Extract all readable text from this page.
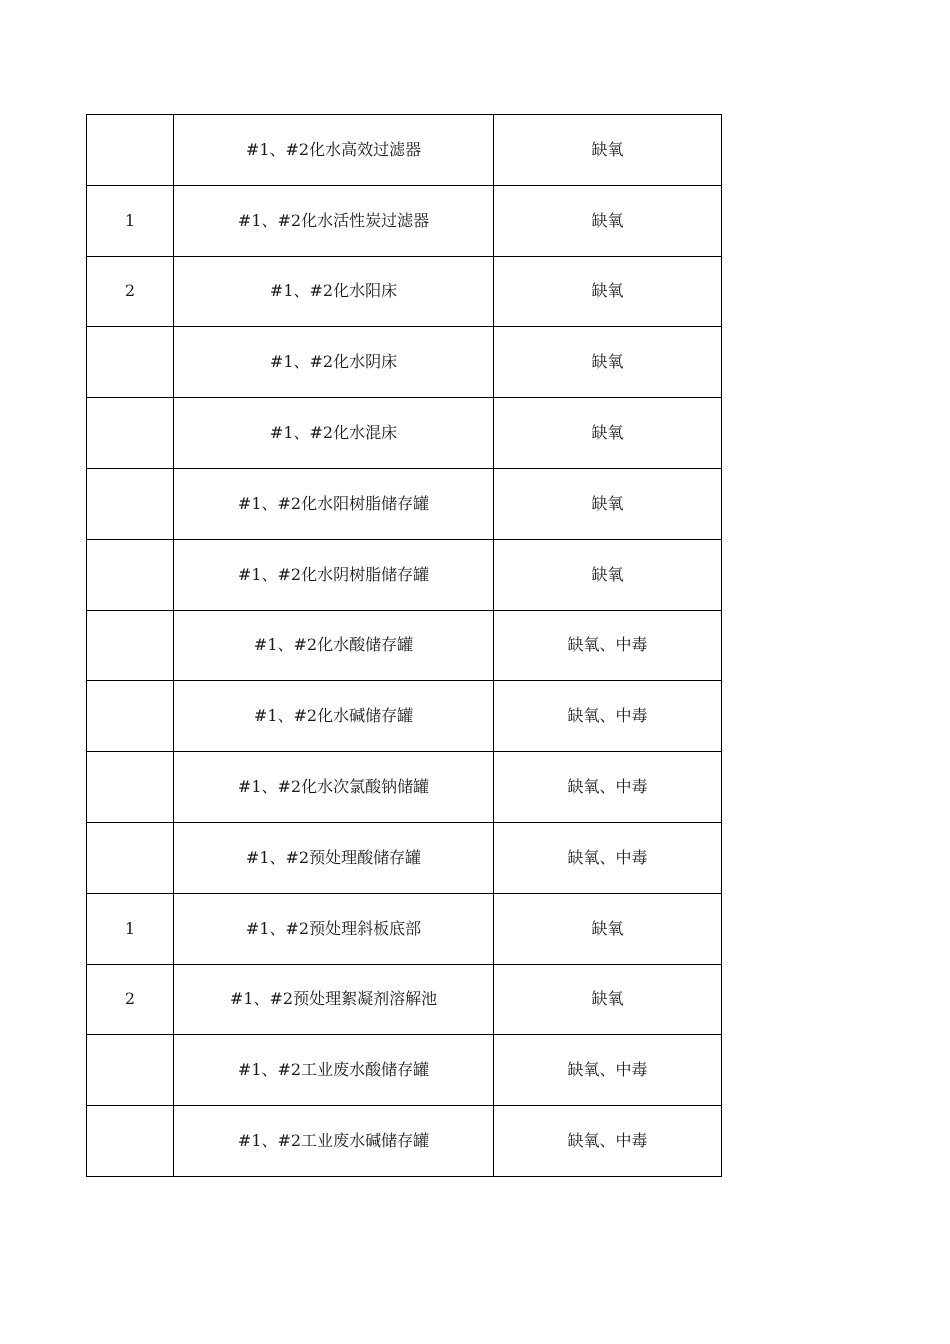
	#1、#2化水高效过滤器	缺氧
1	#1、#2化水活性炭过滤器	缺氧
2	#1、#2化水阳床	缺氧
	#1、#2化水阴床	缺氧
	#1、#2化水混床	缺氧
	#1、#2化水阳树脂储存罐	缺氧
	#1、#2化水阴树脂储存罐	缺氧
	#1、#2化水酸储存罐	缺氧、中毒
	#1、#2化水碱储存罐	缺氧、中毒
	#1、#2化水次氯酸钠储罐	缺氧、中毒
	#1、#2预处理酸储存罐	缺氧、中毒
1	#1、#2预处理斜板底部	缺氧
2	#1、#2预处理絮凝剂溶解池	缺氧
	#1、#2工业废水酸储存罐	缺氧、中毒
	#1、#2工业废水碱储存罐	缺氧、中毒
